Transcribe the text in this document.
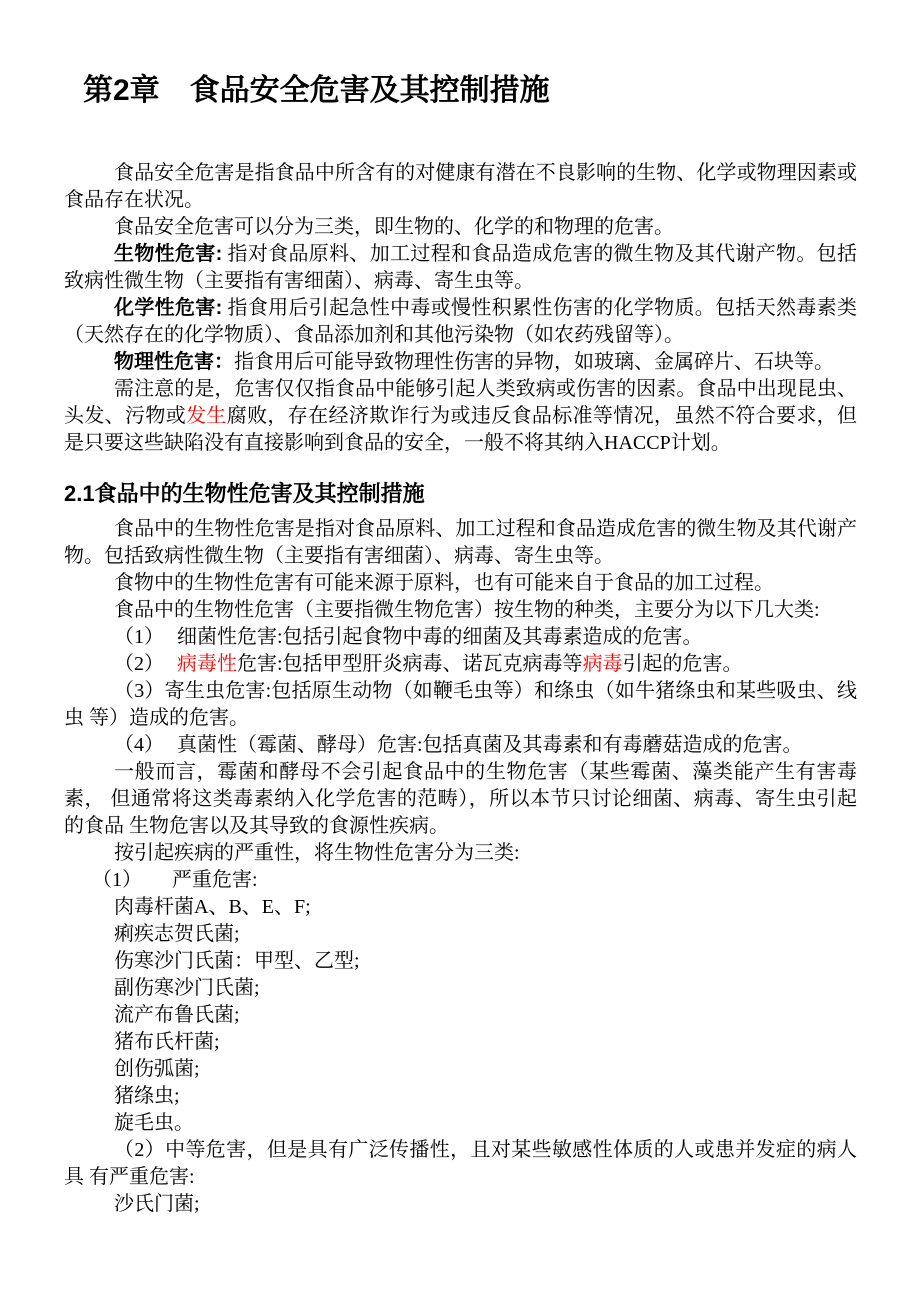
第2章　食品安全危害及其控制措施

食品安全危害是指食品中所含有的对健康有潜在不良影响的生物、化学或物理因素或 食品存在状况。

食品安全危害可以分为三类，即生物的、化学的和物理的危害。

生物性危害: 指对食品原料、加工过程和食品造成危害的微生物及其代谢产物。包括 致病性微生物（主要指有害细菌）、病毒、寄生虫等。

化学性危害: 指食用后引起急性中毒或慢性积累性伤害的化学物质。包括天然毒素类 （天然存在的化学物质）、食品添加剂和其他污染物（如农药残留等）。

物理性危害：指食用后可能导致物理性伤害的异物，如玻璃、金属碎片、石块等。

需注意的是，危害仅仅指食品中能够引起人类致病或伤害的因素。食品中出现昆虫、 头发、污物或发生腐败，存在经济欺诈行为或违反食品标准等情况，虽然不符合要求，但 是只要这些缺陷没有直接影响到食品的安全，一般不将其纳入HACCP计划。

2.1食品中的生物性危害及其控制措施

食品中的生物性危害是指对食品原料、加工过程和食品造成危害的微生物及其代谢产 物。包括致病性微生物（主要指有害细菌）、病毒、寄生虫等。

食物中的生物性危害有可能来源于原料，也有可能来自于食品的加工过程。

食品中的生物性危害（主要指微生物危害）按生物的种类，主要分为以下几大类:

（1） 细菌性危害:包括引起食物中毒的细菌及其毒素造成的危害。

（2） 病毒性危害:包括甲型肝炎病毒、诺瓦克病毒等病毒引起的危害。

（3）寄生虫危害:包括原生动物（如鞭毛虫等）和绦虫（如牛猪绦虫和某些吸虫、线虫 等）造成的危害。

（4） 真菌性（霉菌、酵母）危害:包括真菌及其毒素和有毒蘑菇造成的危害。

一般而言，霉菌和酵母不会引起食品中的生物危害（某些霉菌、藻类能产生有害毒素， 但通常将这类毒素纳入化学危害的范畴），所以本节只讨论细菌、病毒、寄生虫引起的食品 生物危害以及其导致的食源性疾病。

按引起疾病的严重性，将生物性危害分为三类:

（1） 严重危害:

肉毒杆菌A、B、E、F;

痢疾志贺氏菌;

伤寒沙门氏菌：甲型、乙型;

副伤寒沙门氏菌;

流产布鲁氏菌;

猪布氏杆菌;

创伤弧菌;

猪绦虫;

旋毛虫。

（2）中等危害，但是具有广泛传播性，且对某些敏感性体质的人或患并发症的病人具 有严重危害:

沙氏门菌;
